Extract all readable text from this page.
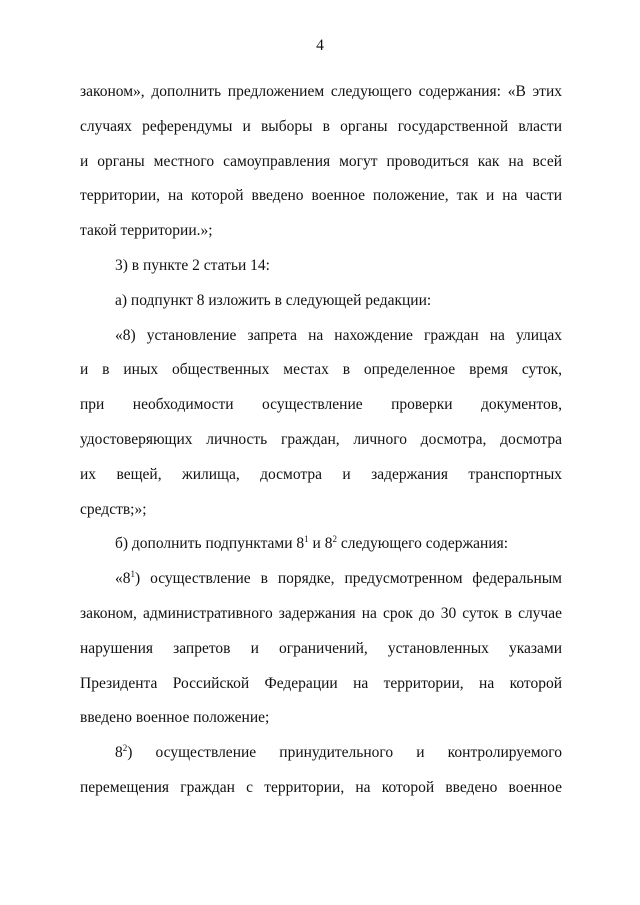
4
законом», дополнить предложением следующего содержания: «В этих
случаях референдумы и выборы в органы государственной власти
и органы местного самоуправления могут проводиться как на всей
территории, на которой введено военное положение, так и на части
такой территории.»;
3) в пункте 2 статьи 14:
а) подпункт 8 изложить в следующей редакции:
«8) установление запрета на нахождение граждан на улицах
и в иных общественных местах в определенное время суток,
при необходимости осуществление проверки документов,
удостоверяющих личность граждан, личного досмотра, досмотра
их вещей, жилища, досмотра и задержания транспортных
средств;»;
б) дополнить подпунктами $8^1$ и $8^2$ следующего содержания:
«$8^1$) осуществление в порядке, предусмотренном федеральным
законом, административного задержания на срок до 30 суток в случае
нарушения запретов и ограничений, установленных указами
Президента Российской Федерации на территории, на которой
введено военное положение;
$8^2$) осуществление принудительного и контролируемого
перемещения граждан с территории, на которой введено военное
